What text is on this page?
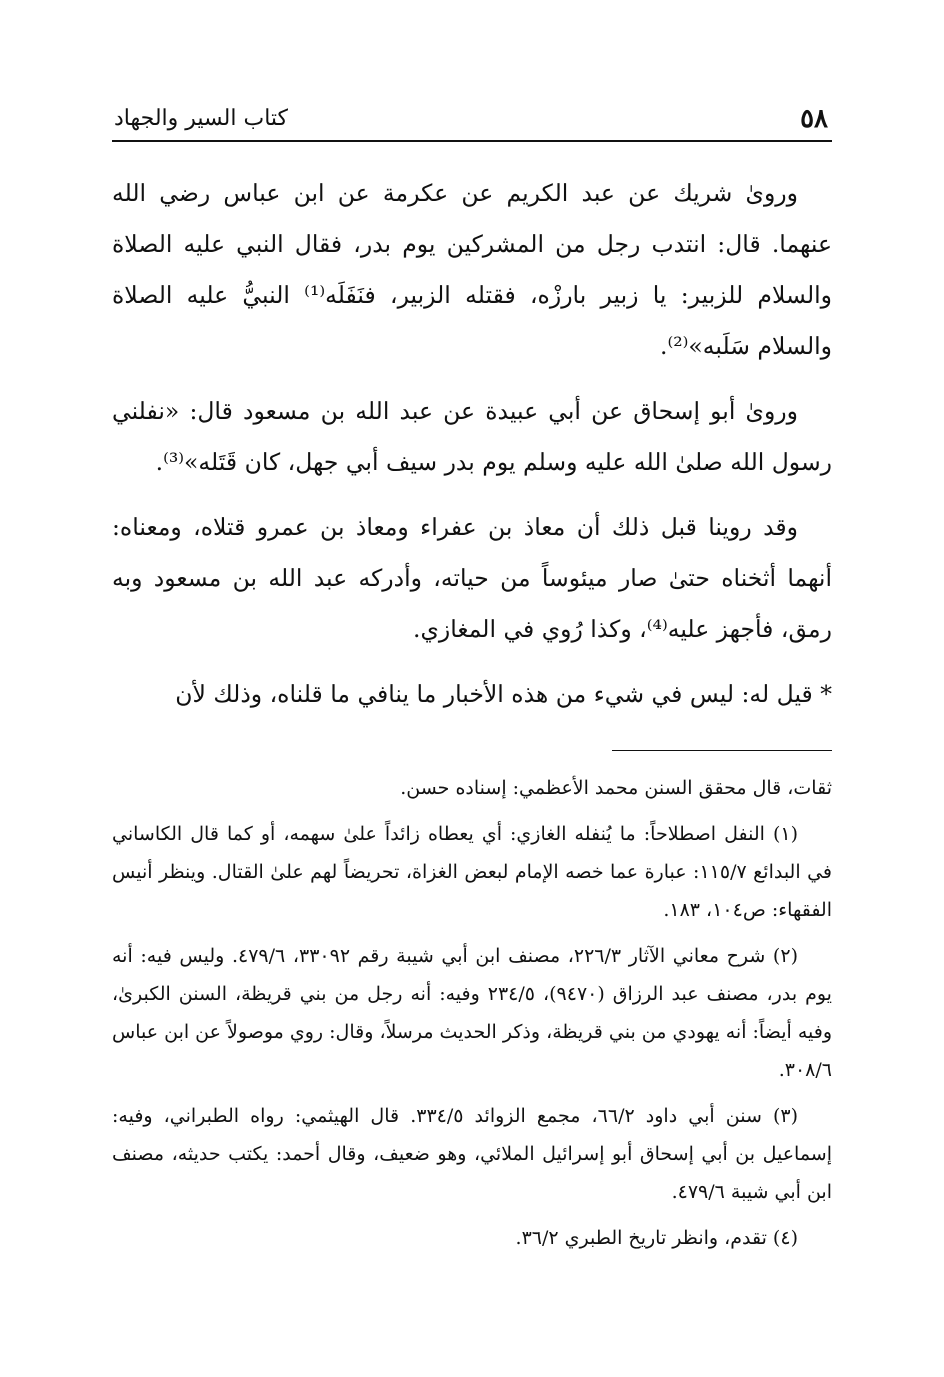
٥٨
كتاب السير والجهاد

ورویٰ شريك عن عبد الكريم عن عكرمة عن ابن عباس رضي الله عنهما. قال: انتدب رجل من المشركين يوم بدر، فقال النبي عليه الصلاة والسلام للزبير: يا زبير بارزْه، فقتله الزبير، فنَفَلَه⁽¹⁾ النبيُّ عليه الصلاة والسلام سَلَبه»⁽²⁾.

ورویٰ أبو إسحاق عن أبي عبيدة عن عبد الله بن مسعود قال: «نفلني رسول الله صلىٰ الله عليه وسلم يوم بدر سيف أبي جهل، كان قَتَله»⁽³⁾.

وقد روينا قبل ذلك أن معاذ بن عفراء ومعاذ بن عمرو قتلاه، ومعناه: أنهما أثخناه حتىٰ صار ميئوساً من حياته، وأدركه عبد الله بن مسعود وبه رمق، فأجهز عليه⁽⁴⁾، وكذا رُوي في المغازي.

* قيل له: ليس في شيء من هذه الأخبار ما ينافي ما قلناه، وذلك لأن

ثقات، قال محقق السنن محمد الأعظمي: إسناده حسن.

(١) النفل اصطلاحاً: ما يُنفله الغازي: أي يعطاه زائداً علىٰ سهمه، أو كما قال الكاساني في البدائع ١١٥/٧: عبارة عما خصه الإمام لبعض الغزاة، تحريضاً لهم علىٰ القتال. وينظر أنيس الفقهاء: ص١٠٤، ١٨٣.

(٢) شرح معاني الآثار ٢٢٦/٣، مصنف ابن أبي شيبة رقم ٣٣٠٩٢، ٤٧٩/٦. وليس فيه: أنه يوم بدر، مصنف عبد الرزاق (٩٤٧٠)، ٢٣٤/٥ وفيه: أنه رجل من بني قريظة، السنن الكبرىٰ، وفيه أيضاً: أنه يهودي من بني قريظة، وذكر الحديث مرسلاً، وقال: روي موصولاً عن ابن عباس ٣٠٨/٦.

(٣) سنن أبي داود ٦٦/٢، مجمع الزوائد ٣٣٤/٥. قال الهيثمي: رواه الطبراني، وفيه: إسماعيل بن أبي إسحاق أبو إسرائيل الملائي، وهو ضعيف، وقال أحمد: يكتب حديثه، مصنف ابن أبي شيبة ٤٧٩/٦.

(٤) تقدم، وانظر تاريخ الطبري ٣٦/٢.
